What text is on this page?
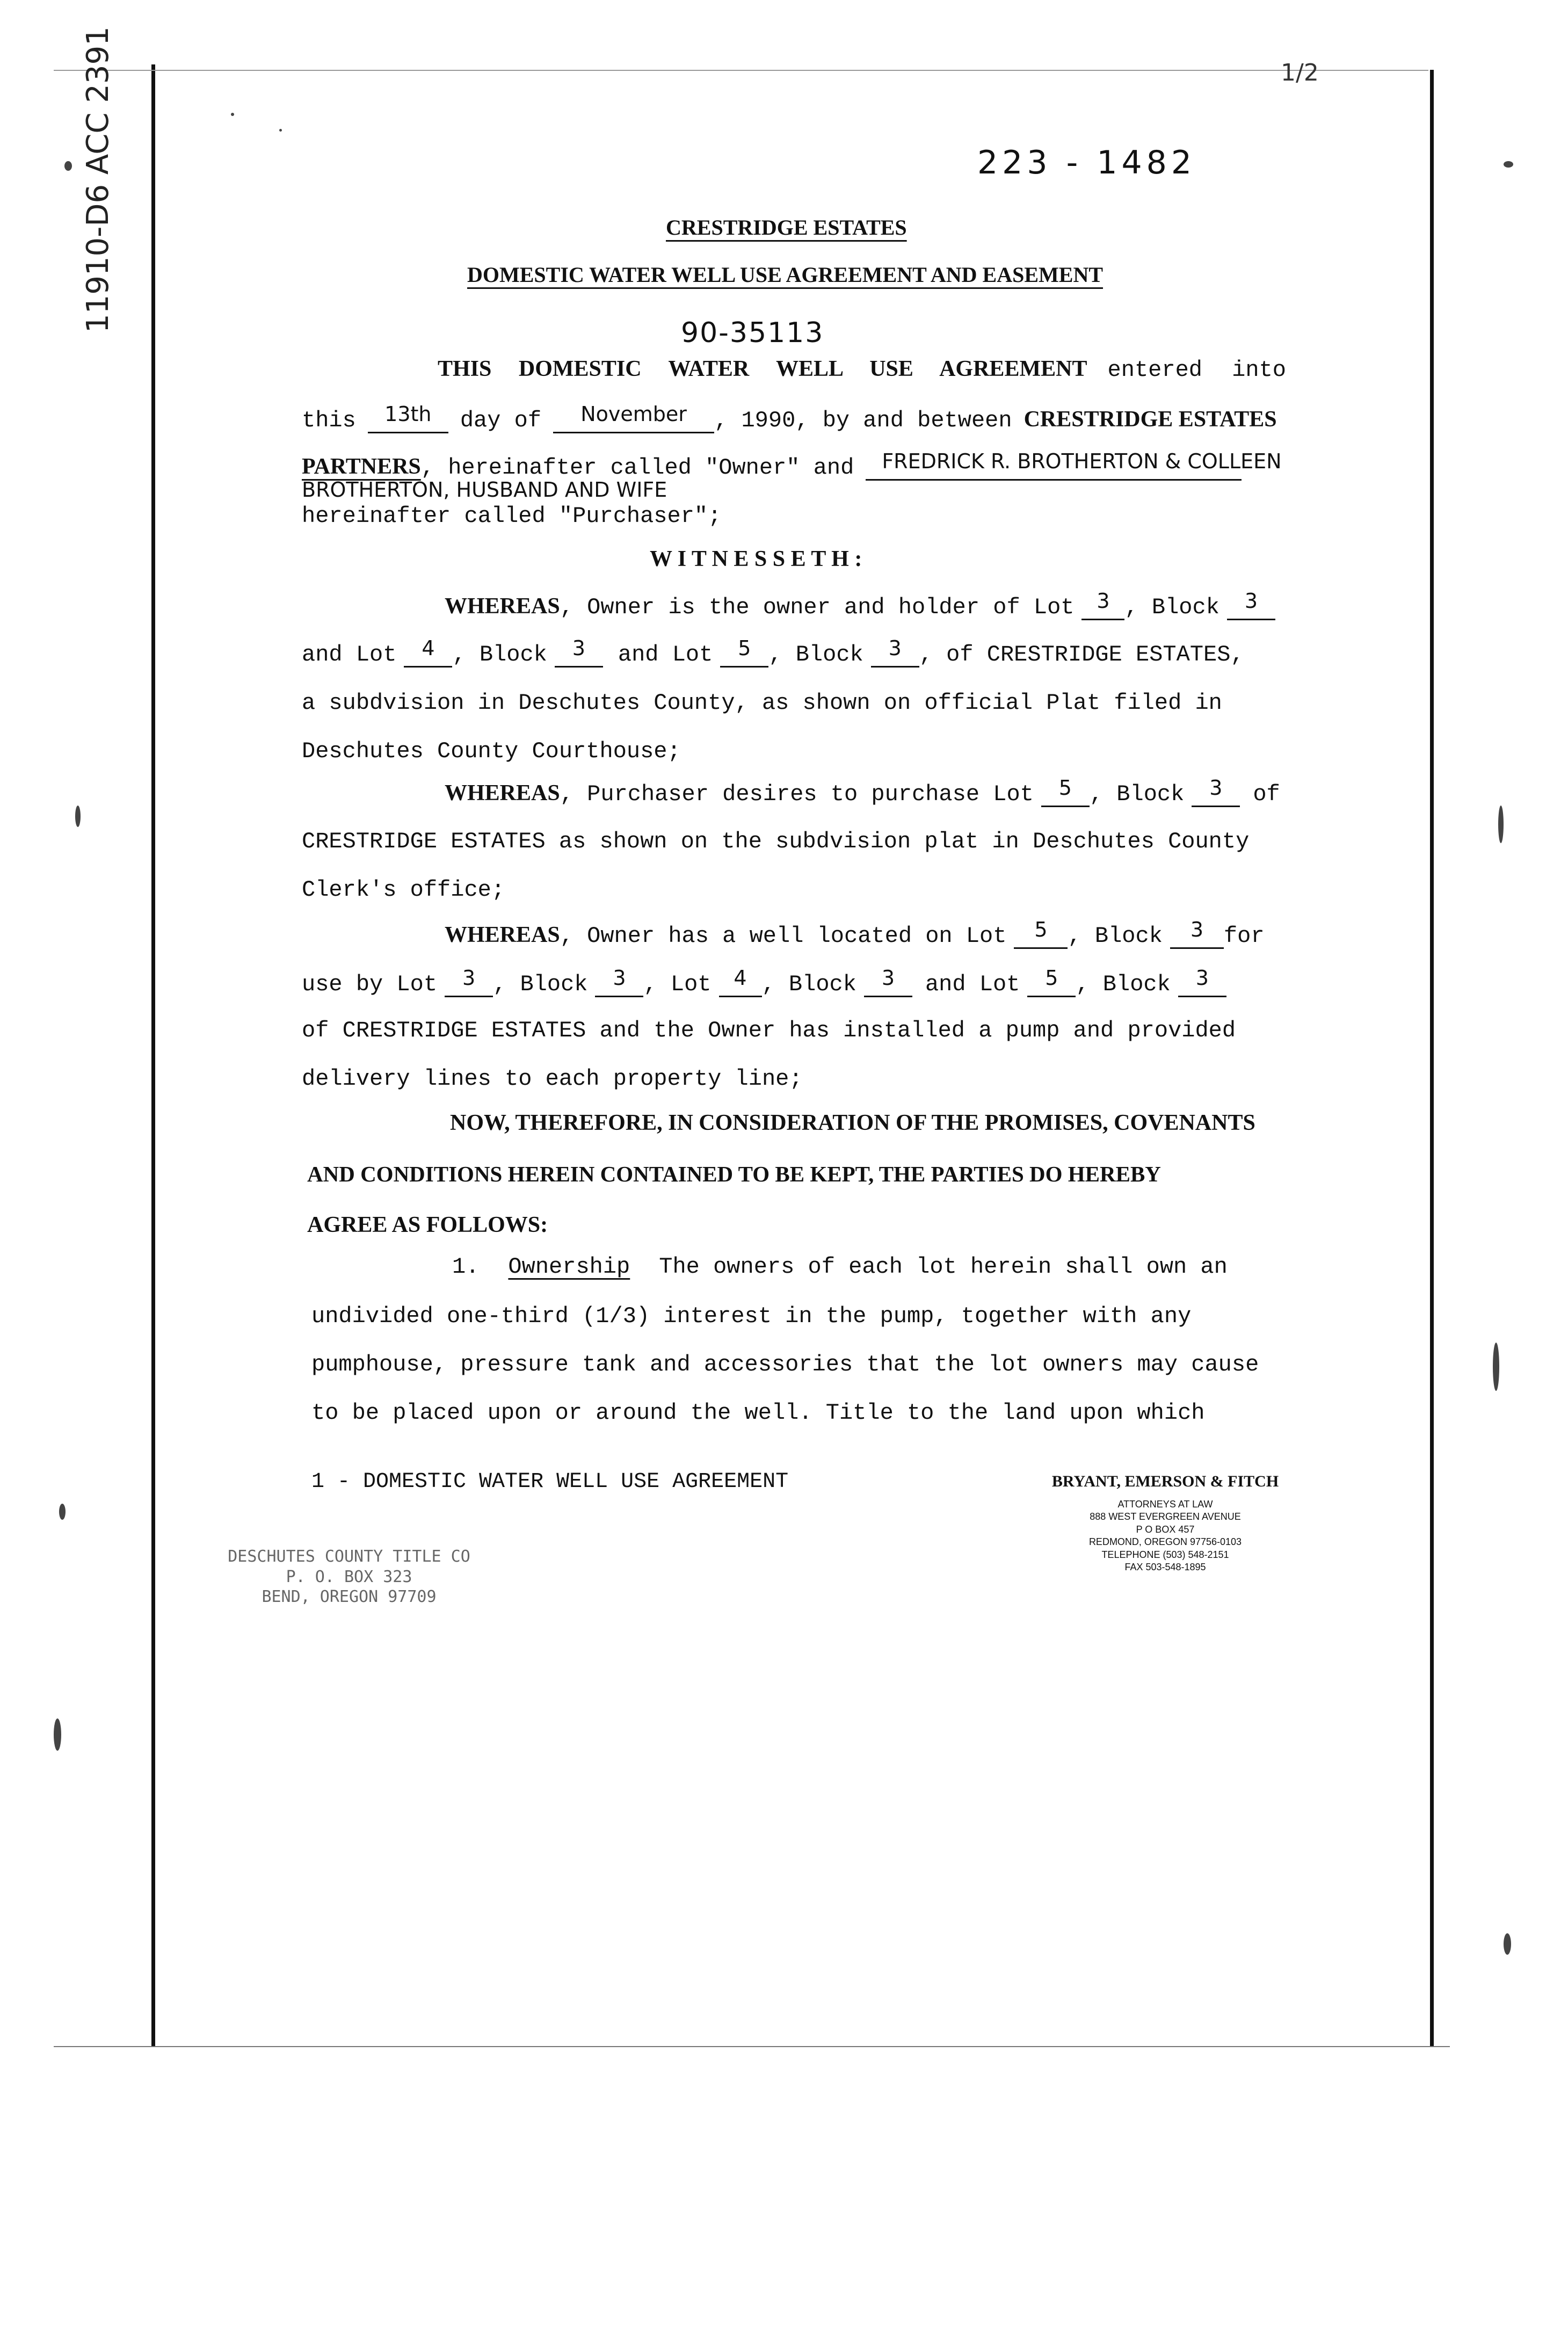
1/2
223 - 1482
11910-D6 ACC 2391	CRESTRIDGE ESTATES
DOMESTIC WATER WELL USE AGREEMENT AND EASEMENT
90-35113
THIS DOMESTIC WATER WELL USE AGREEMENT entered into
this	13th	day of	November	, 1990, by and between CRESTRIDGE ESTATES
PARTNERS , hereinafter called "Owner" and	FREDRICK R. BROTHERTON & COLLEEN
BROTHERTON, HUSBAND AND WIFE
hereinafter called "Purchaser";
W I T N E S S E T H :
WHEREAS , Owner is the owner and holder of Lot	3 , Block	3
and Lot	4 , Block	3	and Lot	5 , Block	3 , of CRESTRIDGE ESTATES,
a subdvision in Deschutes County, as shown on official Plat filed in
Deschutes County Courthouse;
WHEREAS , Purchaser desires to purchase Lot	5 , Block	3	of
CRESTRIDGE ESTATES as shown on the subdvision plat in Deschutes County
Clerk's office;
WHEREAS , Owner has a well located on Lot	5 , Block	3 for
use by Lot	3 , Block	3 , Lot	4 , Block	3	and Lot	5 , Block	3
of CRESTRIDGE ESTATES and the Owner has installed a pump and provided
delivery lines to each property line;
NOW, THEREFORE, IN CONSIDERATION OF THE PROMISES, COVENANTS
AND CONDITIONS HEREIN CONTAINED TO BE KEPT, THE PARTIES DO HEREBY
AGREE AS FOLLOWS:
1. Ownership The owners of each lot herein shall own an
undivided one-third (1/3) interest in the pump, together with any
pumphouse, pressure tank and accessories that the lot owners may cause
to be placed upon or around the well. Title to the land upon which
1 - DOMESTIC WATER WELL USE AGREEMENT	BRYANT, EMERSON & FITCH
ATTORNEYS AT LAW
888 WEST EVERGREEN AVENUE
P O BOX 457
REDMOND, OREGON 97756-0103
TELEPHONE (503) 548-2151
FAX 503-548-1895
DESCHUTES COUNTY TITLE CO
P. O. BOX 323
BEND, OREGON 97709
